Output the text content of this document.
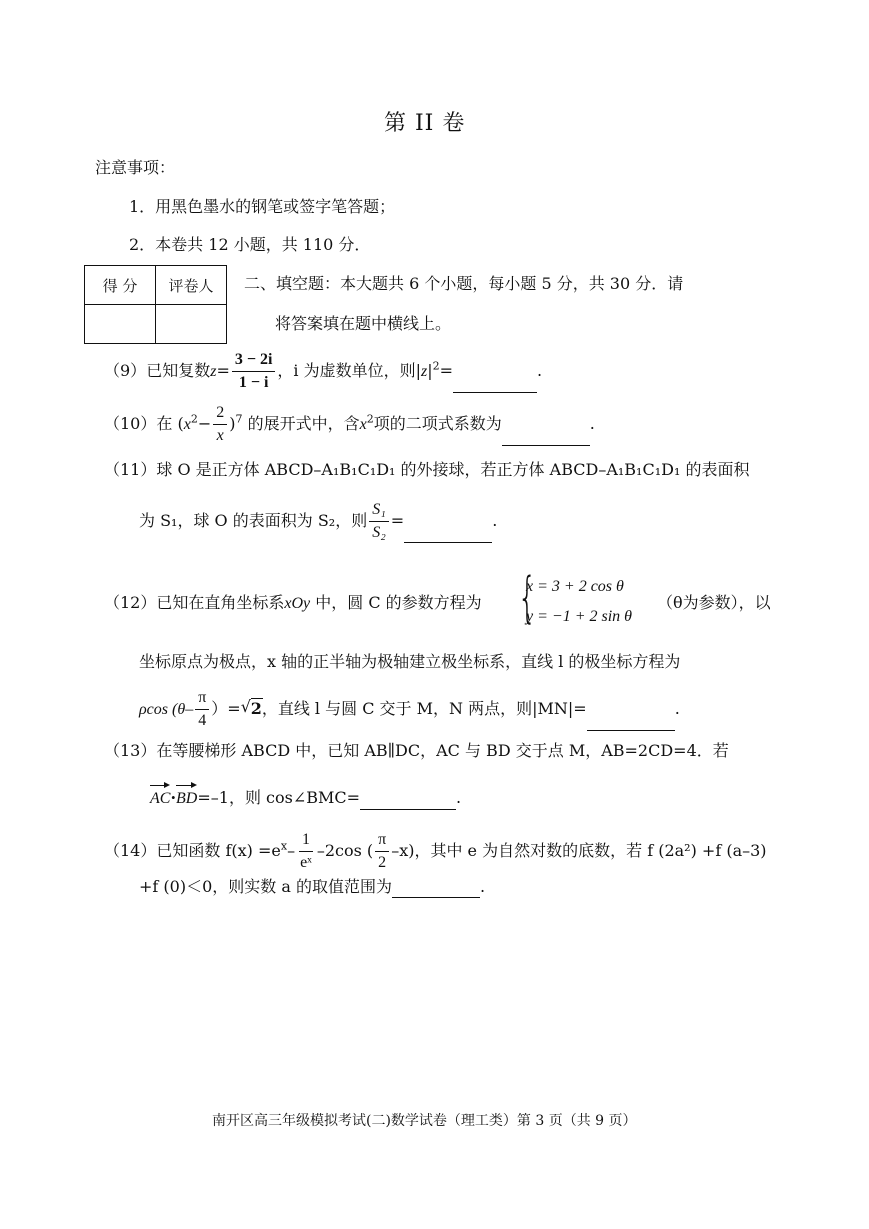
第 II 卷
注意事项：
1．用黑色墨水的钢笔或签字笔答题；
2．本卷共 12 小题，共 110 分．
得 分	评卷人
	二、填空题：本大题共 6 个小题，每小题 5 分，共 30 分．请
将答案填在题中横线上。
（9）已知复数$z= \frac{3 - 2i}{1 - i}$ ，i 为虚数单位，则$|z|^2=$	.
（10）在 $(x^2- \frac{2}{x} )^7$ 的展开式中，含$x^2$项的二项式系数为	.
（11）球 O 是正方体 ABCD–A₁B₁C₁D₁ 的外接球，若正方体 ABCD–A₁B₁C₁D₁ 的表面积
为 S₁，球 O 的表面积为 S₂，则 $\frac{\text{S₁}}{\text{S₂}}$ =	.
（12）已知在直角坐标系xOy 中，圆 C 的参数方程为 {
x = 3 + 2 cos θ
y = −1 + 2 sin θ
（θ为参数），以
坐标原点为极点，x 轴的正半轴为极轴建立极坐标系，直线 l 的极坐标方程为
ρcos ($\theta- \frac{\pi}{4}$ ）= √ 2，直线 l 与圆 C 交于 M，N 两点，则|MN|=	.
（13）在等腰梯形 ABCD 中，已知 AB∥DC，AC 与 BD 交于点 M，AB=2CD=4．若
AC·BD=–1，则 cos∠BMC=	.
（14）已知函数 $f(x) =e^x- \frac{1}{\text{eˣ}} -2\cos$ ( $\frac{\pi}{2} -x$)，其中 e 为自然对数的底数，若 f (2a²) +f (a–3)
+f (0)＜0，则实数 a 的取值范围为	.
南开区高三年级模拟考试(二)数学试卷（理工类）第 3 页（共 9 页）
